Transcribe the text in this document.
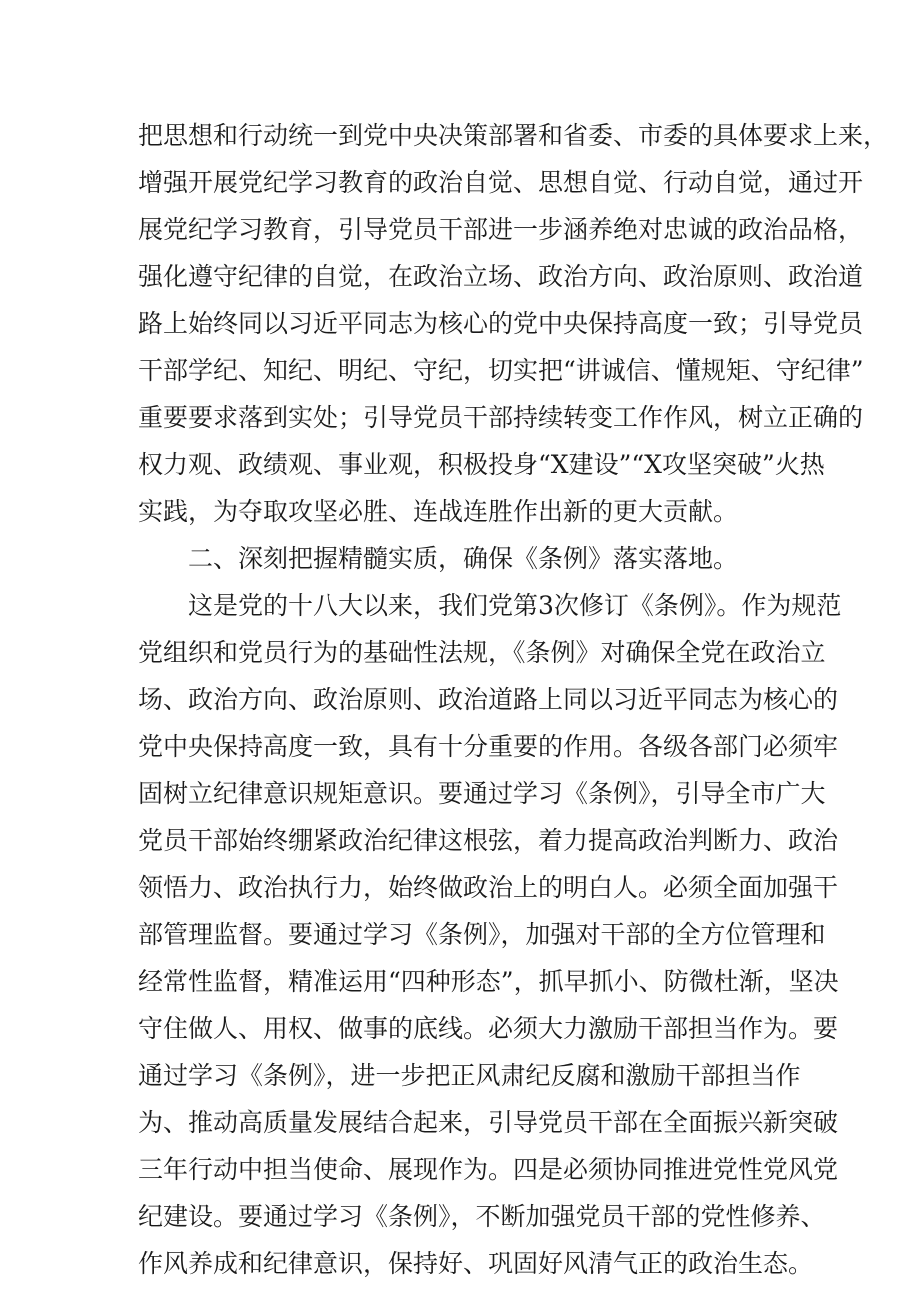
把思想和行动统一到党中央决策部署和省委、市委的具体要求上来，
增强开展党纪学习教育的政治自觉、思想自觉、行动自觉，通过开
展党纪学习教育，引导党员干部进一步涵养绝对忠诚的政治品格，
强化遵守纪律的自觉，在政治立场、政治方向、政治原则、政治道
路上始终同以习近平同志为核心的党中央保持高度一致；引导党员
干部学纪、知纪、明纪、守纪，切实把“讲诚信、懂规矩、守纪律”
重要要求落到实处；引导党员干部持续转变工作作风，树立正确的
权力观、政绩观、事业观，积极投身“X建设”“X攻坚突破”火热
实践，为夺取攻坚必胜、连战连胜作出新的更大贡献。
二、深刻把握精髓实质，确保《条例》落实落地。
这是党的十八大以来，我们党第3次修订《条例》。作为规范
党组织和党员行为的基础性法规，《条例》对确保全党在政治立
场、政治方向、政治原则、政治道路上同以习近平同志为核心的
党中央保持高度一致，具有十分重要的作用。各级各部门必须牢
固树立纪律意识规矩意识。要通过学习《条例》，引导全市广大
党员干部始终绷紧政治纪律这根弦，着力提高政治判断力、政治
领悟力、政治执行力，始终做政治上的明白人。必须全面加强干
部管理监督。要通过学习《条例》，加强对干部的全方位管理和
经常性监督，精准运用“四种形态”，抓早抓小、防微杜渐，坚决
守住做人、用权、做事的底线。必须大力激励干部担当作为。要
通过学习《条例》，进一步把正风肃纪反腐和激励干部担当作
为、推动高质量发展结合起来，引导党员干部在全面振兴新突破
三年行动中担当使命、展现作为。四是必须协同推进党性党风党
纪建设。要通过学习《条例》，不断加强党员干部的党性修养、
作风养成和纪律意识，保持好、巩固好风清气正的政治生态。
